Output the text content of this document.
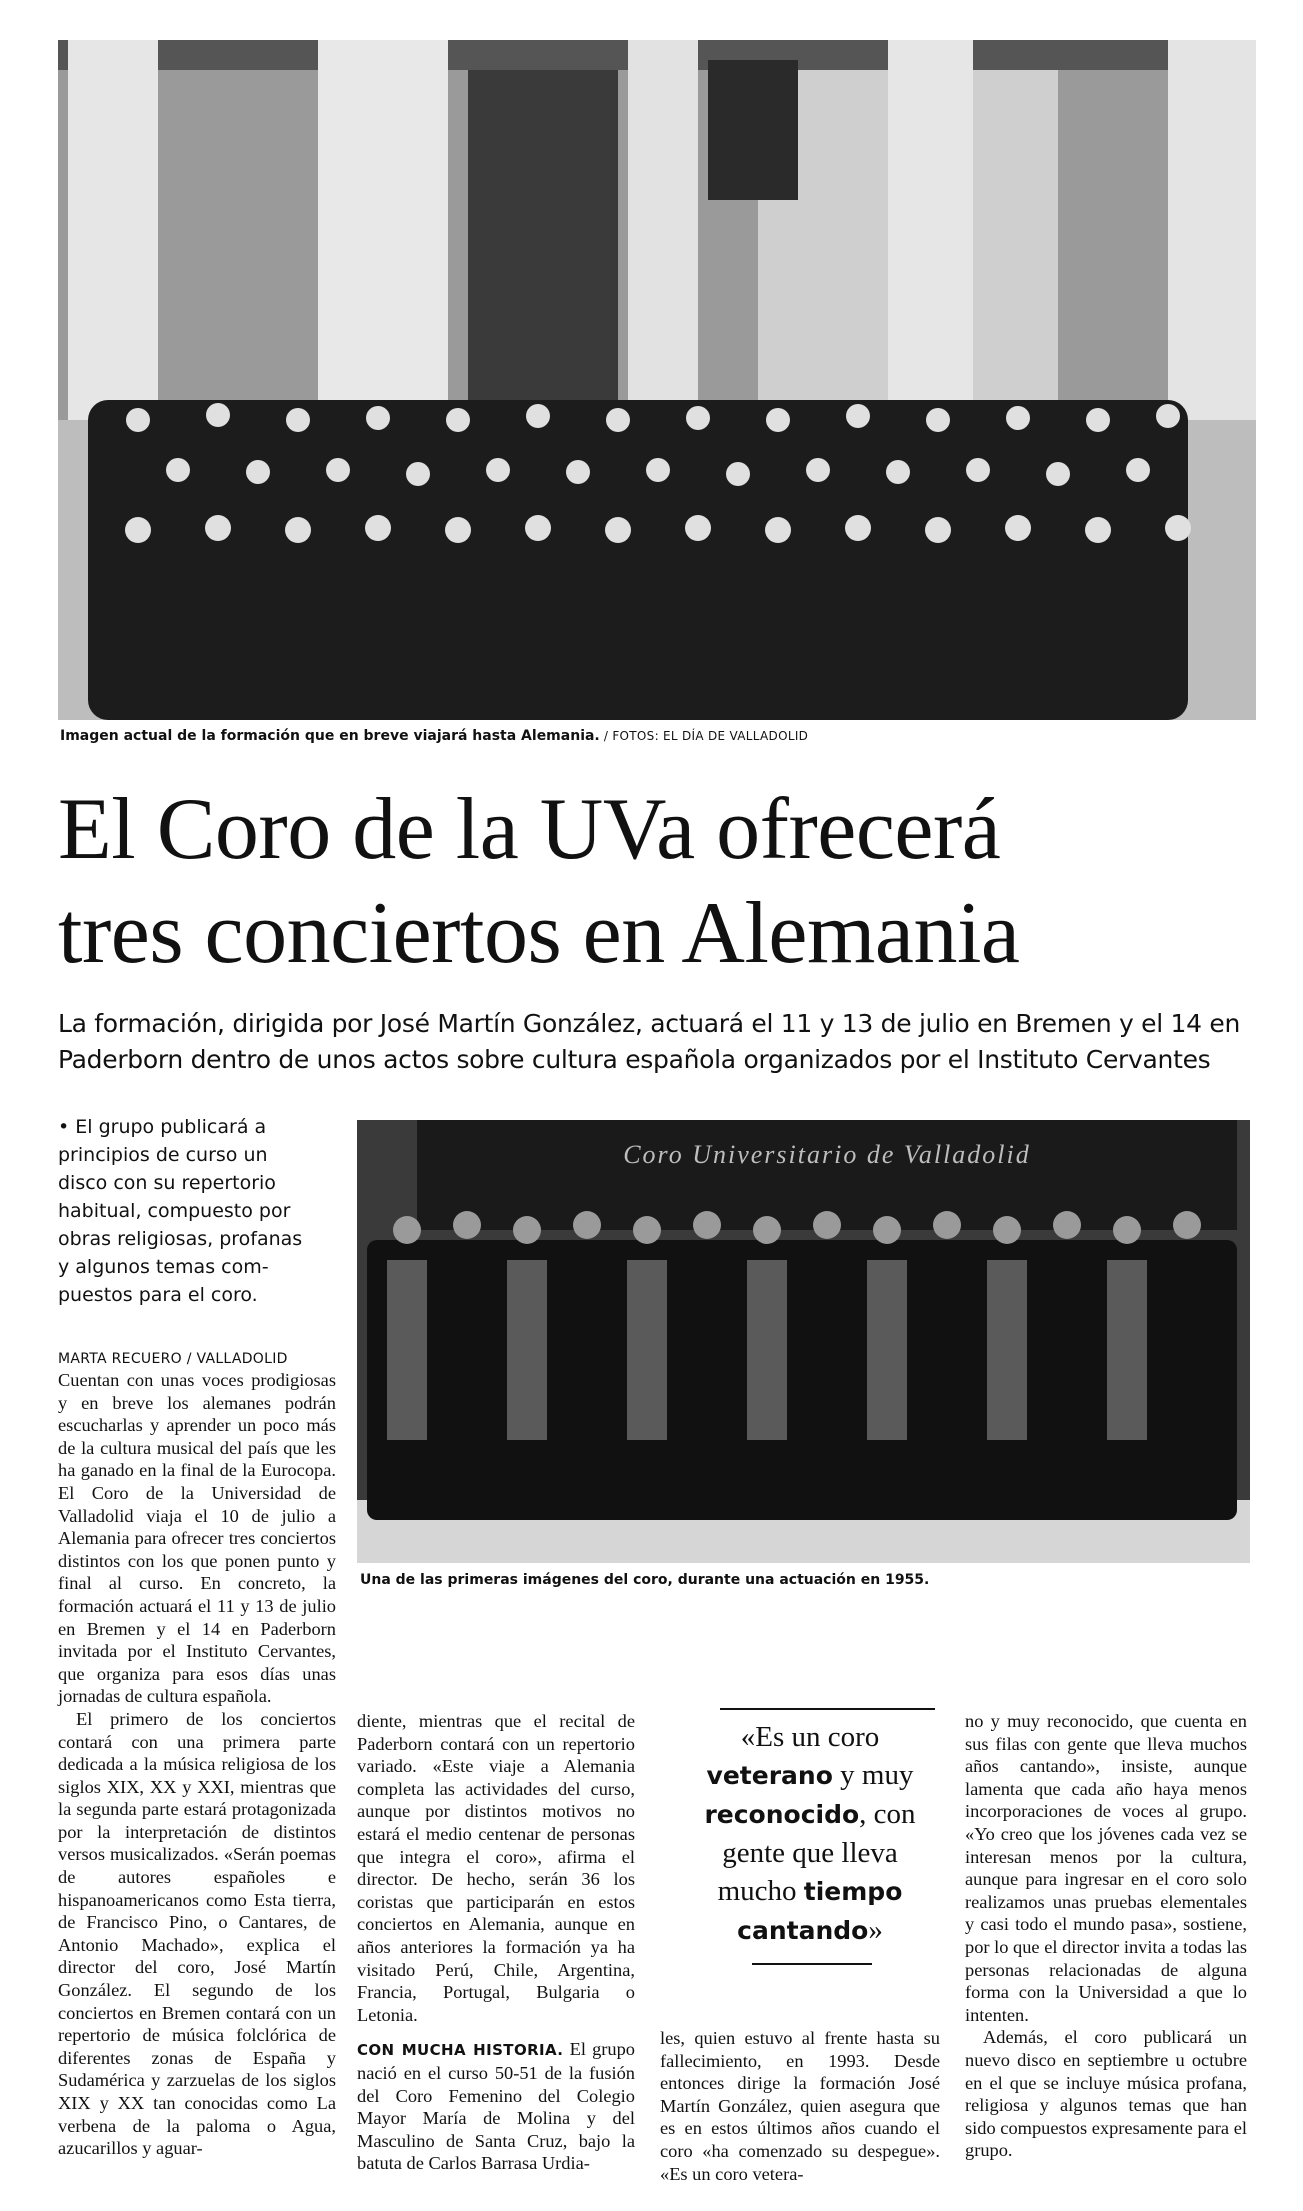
Imagen actual de la formación que en breve viajará hasta Alemania. / FOTOS: EL DÍA DE VALLADOLID
El Coro de la UVa ofrecerá
tres conciertos en Alemania
La formación, dirigida por José Martín González, actuará el 11 y 13 de julio en Bremen y el 14 en
Paderborn dentro de unos actos sobre cultura española organizados por el Instituto Cervantes
• El grupo publicará a
principios de curso un
disco con su repertorio
habitual, compuesto por
obras religiosas, profanas
y algunos temas com-
puestos para el coro.
MARTA RECUERO / VALLADOLID
Coro Universitario de Valladolid
Una de las primeras imágenes del coro, durante una actuación en 1955.

Cuentan con unas voces prodigiosas y en breve los alemanes podrán escucharlas y aprender un poco más de la cultura musical del país que les ha ganado en la final de la Eurocopa. El Coro de la Universidad de Valladolid viaja el 10 de julio a Alemania para ofrecer tres conciertos distintos con los que ponen punto y final al curso. En concreto, la formación actuará el 11 y 13 de julio en Bremen y el 14 en Paderborn invitada por el Instituto Cervantes, que organiza para esos días unas jornadas de cultura española.

El primero de los conciertos contará con una primera parte dedicada a la música religiosa de los siglos XIX, XX y XXI, mientras que la segunda parte estará protagonizada por la interpretación de distintos versos musicalizados. «Serán poemas de autores españoles e hispanoamericanos como Esta tierra, de Francisco Pino, o Cantares, de Antonio Machado», explica el director del coro, José Martín González. El segundo de los conciertos en Bremen contará con un repertorio de música folclórica de diferentes zonas de España y Sudamérica y zarzuelas de los siglos XIX y XX tan conocidas como La verbena de la paloma o Agua, azucarillos y aguar-

diente, mientras que el recital de Paderborn contará con un repertorio variado. «Este viaje a Alemania completa las actividades del curso, aunque por distintos motivos no estará el medio centenar de personas que integra el coro», afirma el director. De hecho, serán 36 los coristas que participarán en estos conciertos en Alemania, aunque en años anteriores la formación ya ha visitado Perú, Chile, Argentina, Francia, Portugal, Bulgaria o Letonia.

CON MUCHA HISTORIA. El grupo nació en el curso 50-51 de la fusión del Coro Femenino del Colegio Mayor María de Molina y del Masculino de Santa Cruz, bajo la batuta de Carlos Barrasa Urdia-

«Es un coro
veterano y muy
reconocido, con
gente que lleva
mucho tiempo
cantando»

les, quien estuvo al frente hasta su fallecimiento, en 1993. Desde entonces dirige la formación José Martín González, quien asegura que es en estos últimos años cuando el coro «ha comenzado su despegue». «Es un coro vetera-

no y muy reconocido, que cuenta en sus filas con gente que lleva muchos años cantando», insiste, aunque lamenta que cada año haya menos incorporaciones de voces al grupo. «Yo creo que los jóvenes cada vez se interesan menos por la cultura, aunque para ingresar en el coro solo realizamos unas pruebas elementales y casi todo el mundo pasa», sostiene, por lo que el director invita a todas las personas relacionadas de alguna forma con la Universidad a que lo intenten.

Además, el coro publicará un nuevo disco en septiembre u octubre en el que se incluye música profana, religiosa y algunos temas que han sido compuestos expresamente para el grupo.
